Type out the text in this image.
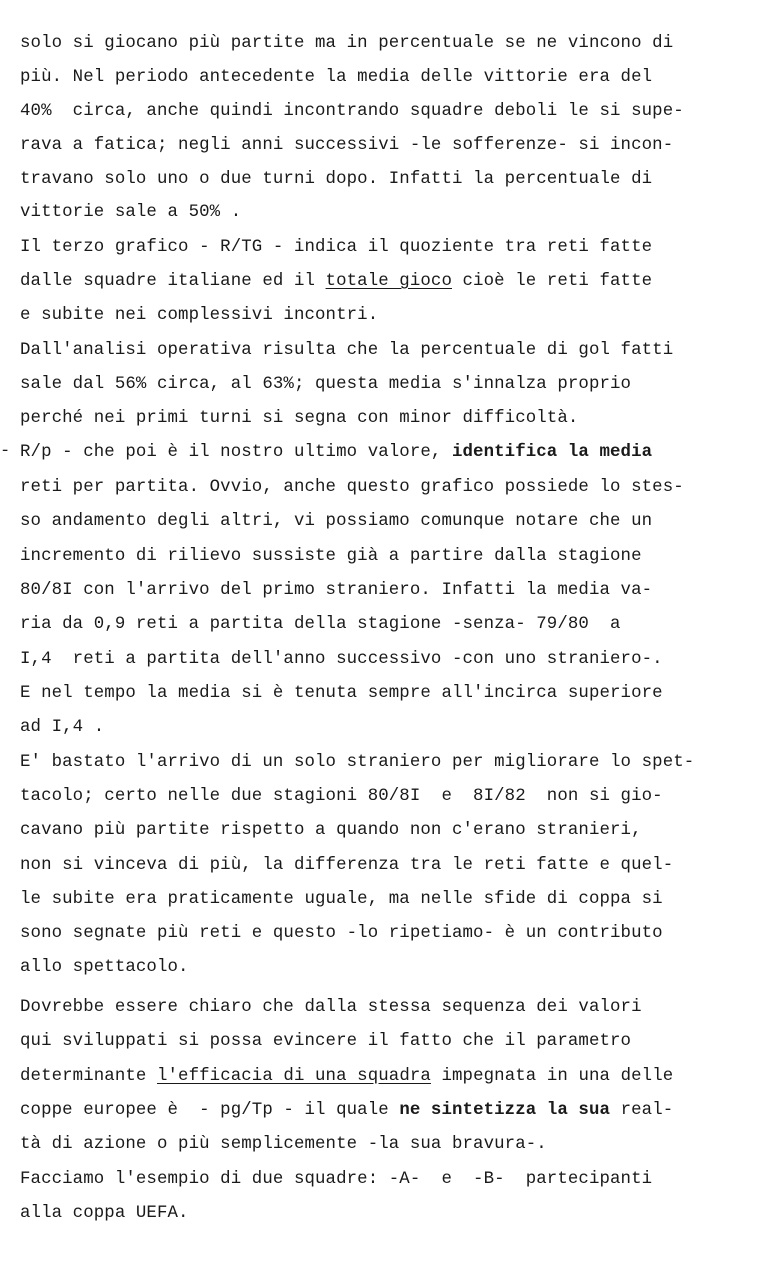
solo si giocano più partite ma in percentuale se ne vincono di
più. Nel periodo antecedente la media delle vittorie era del
40%  circa, anche quindi incontrando squadre deboli le si supe-
rava a fatica; negli anni successivi -le sofferenze- si incon-
travano solo uno o due turni dopo. Infatti la percentuale di
vittorie sale a 50% .
Il terzo grafico - R/TG - indica il quoziente tra reti fatte
dalle squadre italiane ed il totale gioco cioè le reti fatte
e subite nei complessivi incontri.
Dall'analisi operativa risulta che la percentuale di gol fatti
sale dal 56% circa, al 63%; questa media s'innalza proprio
perché nei primi turni si segna con minor difficoltà.
- R/p - che poi è il nostro ultimo valore, identifica la media
reti per partita. Ovvio, anche questo grafico possiede lo stes-
so andamento degli altri, vi possiamo comunque notare che un
incremento di rilievo sussiste già a partire dalla stagione
80/8I con l'arrivo del primo straniero. Infatti la media va-
ria da 0,9 reti a partita della stagione -senza- 79/80  a
I,4  reti a partita dell'anno successivo -con uno straniero-.
E nel tempo la media si è tenuta sempre all'incirca superiore
ad I,4 .
E' bastato l'arrivo di un solo straniero per migliorare lo spet-
tacolo; certo nelle due stagioni 80/8I  e  8I/82  non si gio-
cavano più partite rispetto a quando non c'erano stranieri,
non si vinceva di più, la differenza tra le reti fatte e quel-
le subite era praticamente uguale, ma nelle sfide di coppa si
sono segnate più reti e questo -lo ripetiamo- è un contributo
allo spettacolo.
Dovrebbe essere chiaro che dalla stessa sequenza dei valori
qui sviluppati si possa evincere il fatto che il parametro
determinante l'efficacia di una squadra impegnata in una delle
coppe europee è  - pg/Tp - il quale ne sintetizza la sua real-
tà di azione o più semplicemente -la sua bravura-.
Facciamo l'esempio di due squadre: -A-  e  -B-  partecipanti
alla coppa UEFA.
